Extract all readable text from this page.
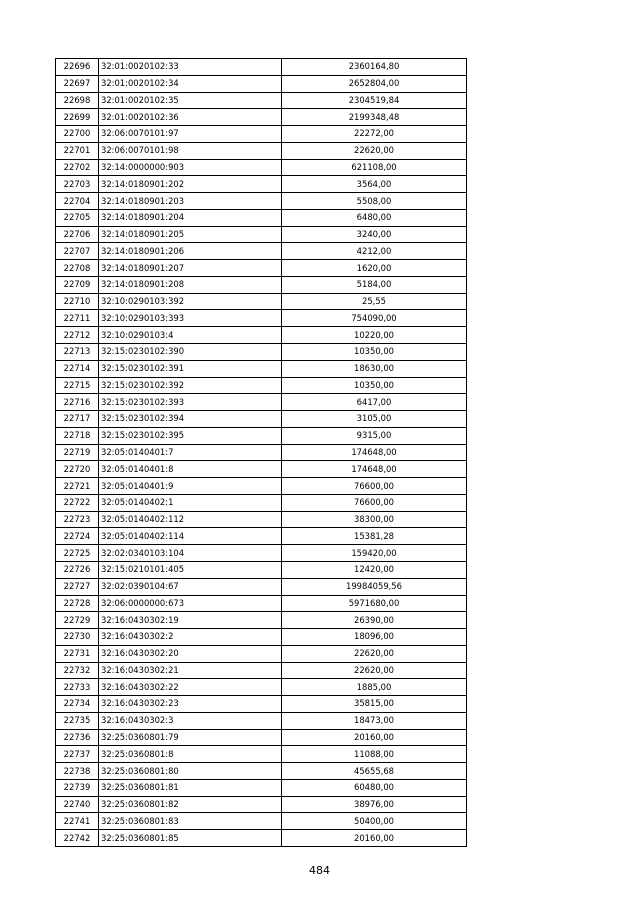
22696	32:01:0020102:33	2360164,80
22697	32:01:0020102:34	2652804,00
22698	32:01:0020102:35	2304519,84
22699	32:01:0020102:36	2199348,48
22700	32:06:0070101:97	22272,00
22701	32:06:0070101:98	22620,00
22702	32:14:0000000:903	621108,00
22703	32:14:0180901:202	3564,00
22704	32:14:0180901:203	5508,00
22705	32:14:0180901:204	6480,00
22706	32:14:0180901:205	3240,00
22707	32:14:0180901:206	4212,00
22708	32:14:0180901:207	1620,00
22709	32:14:0180901:208	5184,00
22710	32:10:0290103:392	25,55
22711	32:10:0290103:393	754090,00
22712	32:10:0290103:4	10220,00
22713	32:15:0230102:390	10350,00
22714	32:15:0230102:391	18630,00
22715	32:15:0230102:392	10350,00
22716	32:15:0230102:393	6417,00
22717	32:15:0230102:394	3105,00
22718	32:15:0230102:395	9315,00
22719	32:05:0140401:7	174648,00
22720	32:05:0140401:8	174648,00
22721	32:05:0140401:9	76600,00
22722	32:05:0140402:1	76600,00
22723	32:05:0140402:112	38300,00
22724	32:05:0140402:114	15381,28
22725	32:02:0340103:104	159420,00
22726	32:15:0210101:405	12420,00
22727	32:02:0390104:67	19984059,56
22728	32:06:0000000:673	5971680,00
22729	32:16:0430302:19	26390,00
22730	32:16:0430302:2	18096,00
22731	32:16:0430302:20	22620,00
22732	32:16:0430302:21	22620,00
22733	32:16:0430302:22	1885,00
22734	32:16:0430302:23	35815,00
22735	32:16:0430302:3	18473,00
22736	32:25:0360801:79	20160,00
22737	32:25:0360801:8	11088,00
22738	32:25:0360801:80	45655,68
22739	32:25:0360801:81	60480,00
22740	32:25:0360801:82	38976,00
22741	32:25:0360801:83	50400,00
22742	32:25:0360801:85	20160,00
484
